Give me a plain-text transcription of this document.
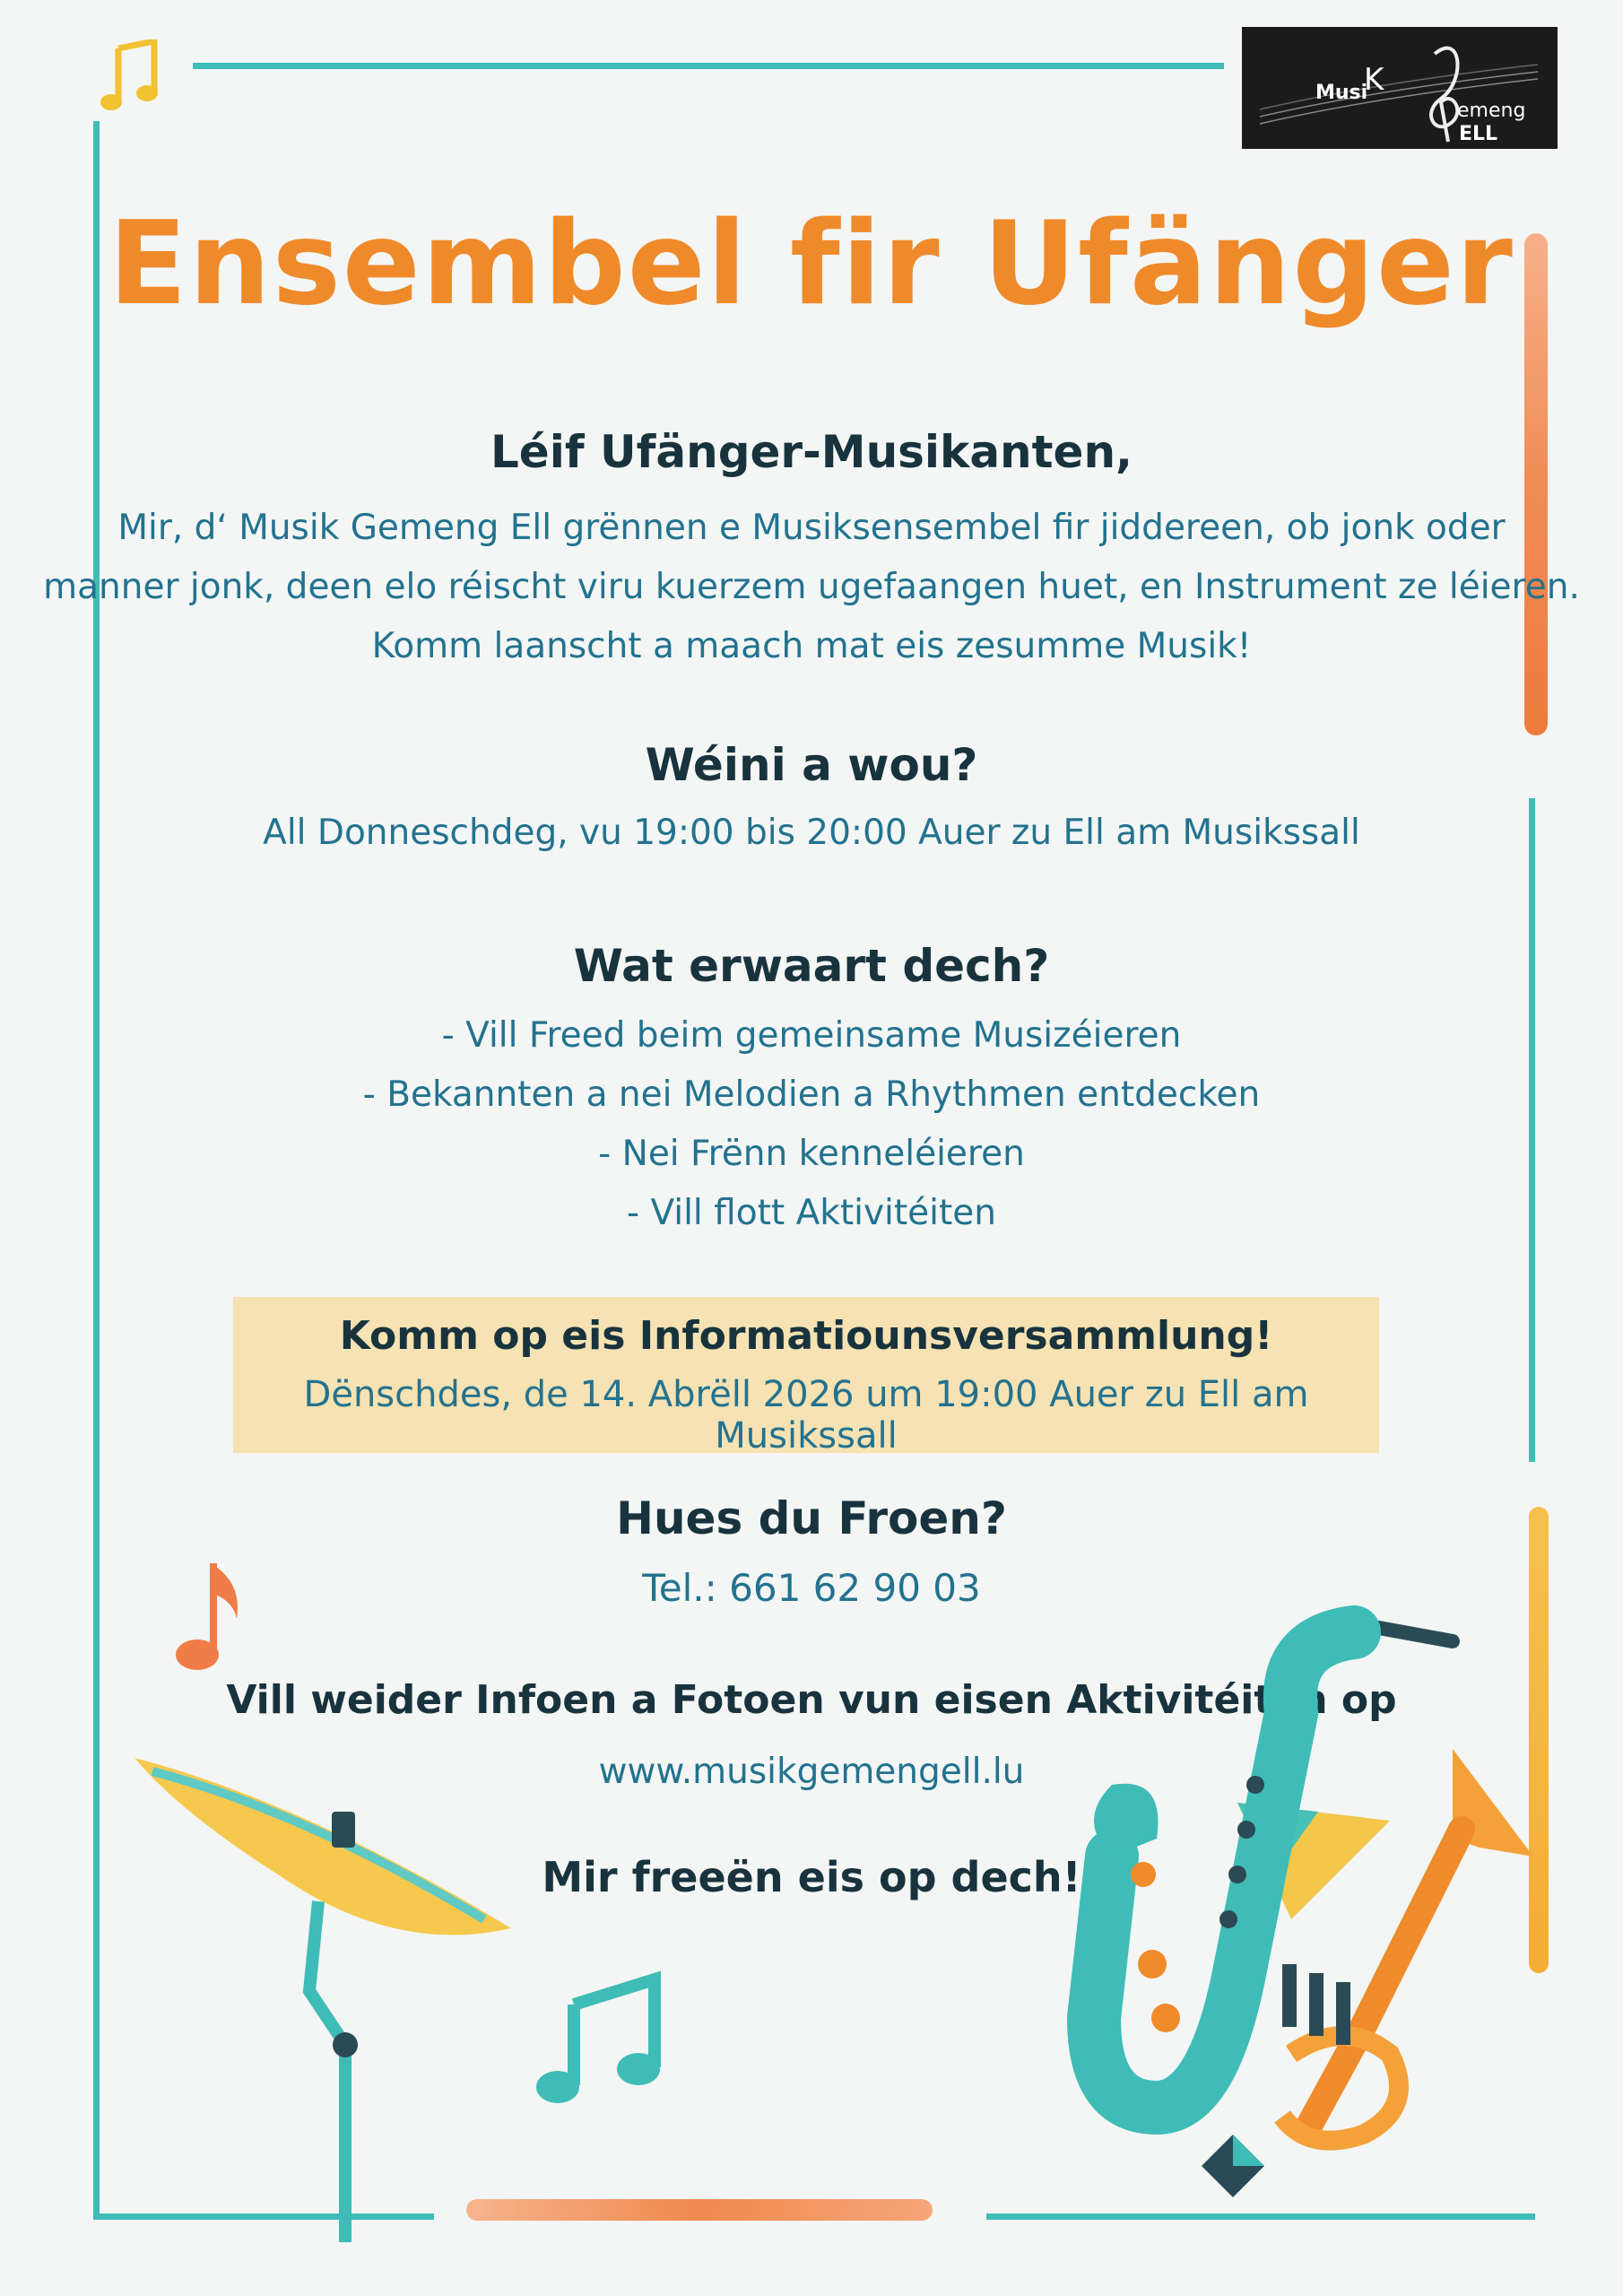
Musi
K
emeng
ELL
Ensembel fir Ufänger
Léif Ufänger-Musikanten,
Mir, d‘ Musik Gemeng Ell grënnen e Musiksensembel fir jiddereen, ob jonk oder
manner jonk, deen elo réischt viru kuerzem ugefaangen huet, en Instrument ze léieren.
Komm laanscht a maach mat eis zesumme Musik!
Wéini a wou?
All Donneschdeg, vu 19:00 bis 20:00 Auer zu Ell am Musikssall
Wat erwaart dech?
- Vill Freed beim gemeinsame Musizéieren
- Bekannten a nei Melodien a Rhythmen entdecken
- Nei Frënn kenneléieren
- Vill flott Aktivitéiten
Komm op eis Informatiounsversammlung!
Dënschdes, de 14. Abrëll 2026 um 19:00 Auer zu Ell am Musikssall
Hues du Froen?
Tel.: 661 62 90 03
Vill weider Infoen a Fotoen vun eisen Aktivitéiten op
www.musikgemengell.lu
Mir freeën eis op dech!
